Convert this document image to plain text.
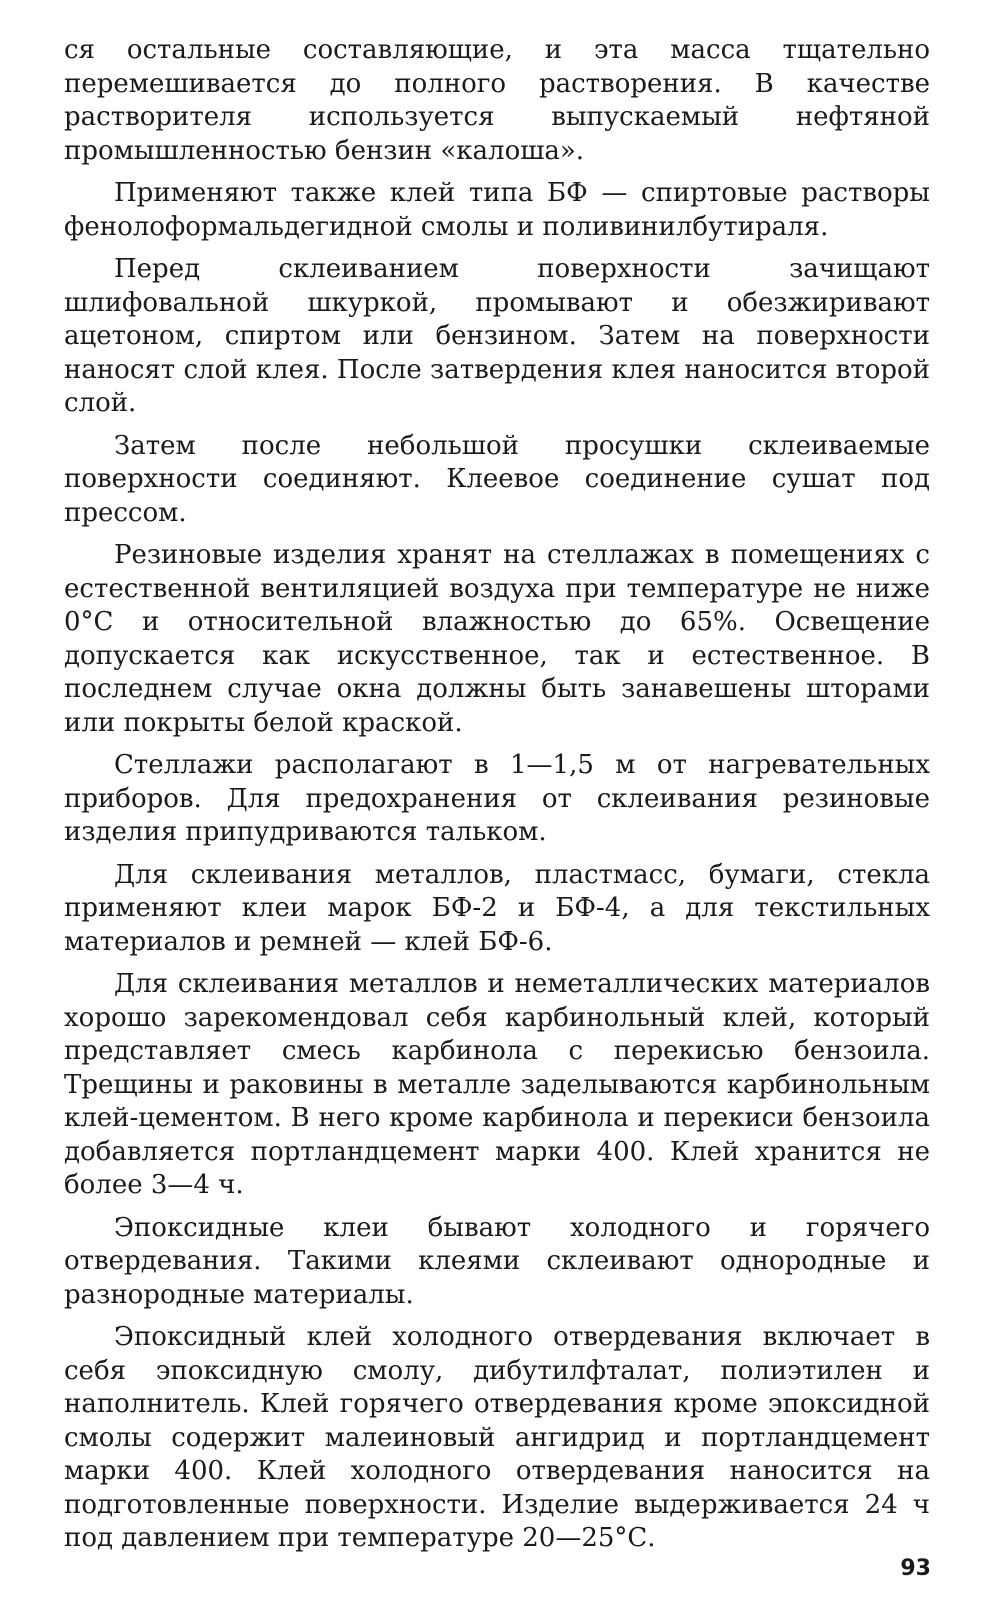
ся остальные составляющие, и эта масса тщательно перемешивается до полного растворения. В качестве растворителя используется выпускаемый нефтяной промышленностью бензин «калоша».

Применяют также клей типа БФ — спиртовые растворы фенолоформальдегидной смолы и поливинилбутираля.

Перед склеиванием поверхности зачищают шлифовальной шкуркой, промывают и обезжиривают ацетоном, спиртом или бензином. Затем на поверхности наносят слой клея. После затвердения клея наносится второй слой.

Затем после небольшой просушки склеиваемые поверхности соединяют. Клеевое соединение сушат под прессом.

Резиновые изделия хранят на стеллажах в помещениях с естественной вентиляцией воздуха при температуре не ниже 0°С и относительной влажностью до 65%. Освещение допускается как искусственное, так и естественное. В последнем случае окна должны быть занавешены шторами или покрыты белой краской.

Стеллажи располагают в 1—1,5 м от нагревательных приборов. Для предохранения от склеивания резиновые изделия припудриваются тальком.

Для склеивания металлов, пластмасс, бумаги, стекла применяют клеи марок БФ-2 и БФ-4, а для текстильных материалов и ремней — клей БФ-6.

Для склеивания металлов и неметаллических материалов хорошо зарекомендовал себя карбинольный клей, который представляет смесь карбинола с перекисью бензоила. Трещины и раковины в металле заделываются карбинольным клей-цементом. В него кроме карбинола и перекиси бензоила добавляется портландцемент марки 400. Клей хранится не более 3—4 ч.

Эпоксидные клеи бывают холодного и горячего отвердевания. Такими клеями склеивают однородные и разнородные материалы.

Эпоксидный клей холодного отвердевания включает в себя эпоксидную смолу, дибутилфталат, полиэтилен и наполнитель. Клей горячего отвердевания кроме эпоксидной смолы содержит малеиновый ангидрид и портландцемент марки 400. Клей холодного отвердевания наносится на подготовленные поверхности. Изделие выдерживается 24 ч под давлением при температуре 20—25°С.

93
